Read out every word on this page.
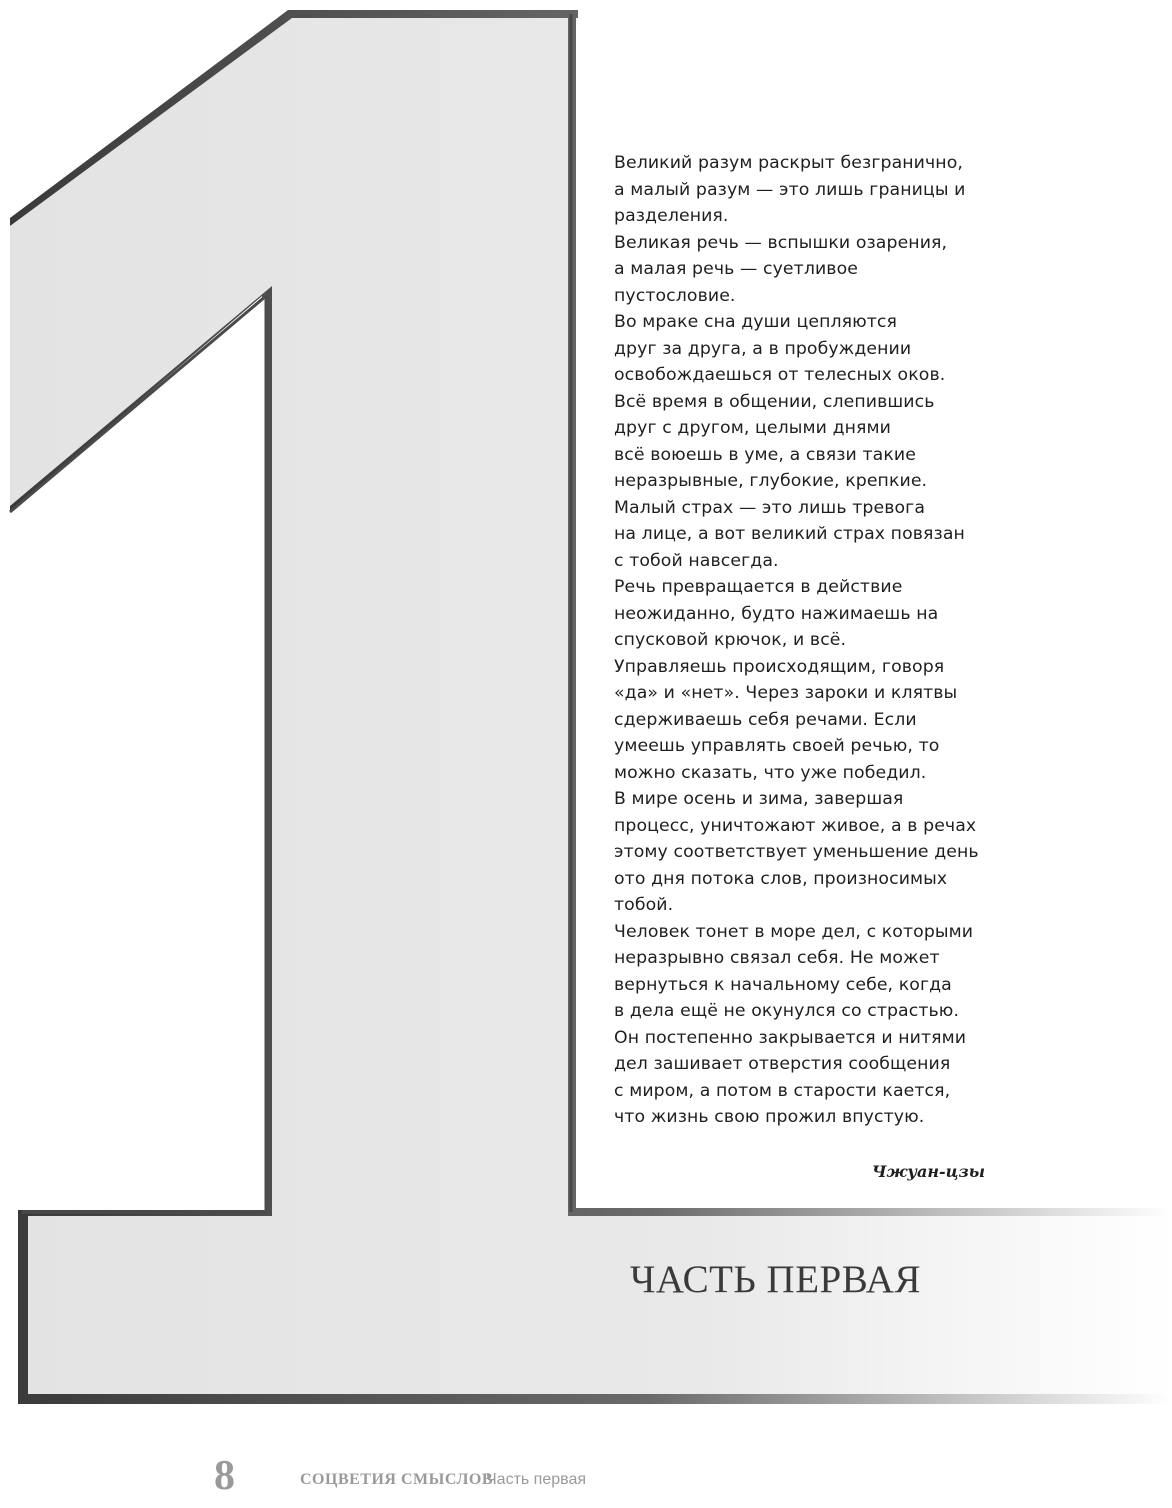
Великий разум раскрыт безгранично,
а малый разум — это лишь границы и
разделения.
Великая речь — вспышки озарения,
а малая речь — суетливое
пустословие.
Во мраке сна души цепляются
друг за друга, а в пробуждении
освобождаешься от телесных оков.
Всё время в общении, слепившись
друг с другом, целыми днями
всё воюешь в уме, а связи такие
неразрывные, глубокие, крепкие.
Малый страх — это лишь тревога
на лице, а вот великий страх повязан
с тобой навсегда.
Речь превращается в действие
неожиданно, будто нажимаешь на
спусковой крючок, и всё.
Управляешь происходящим, говоря
«да» и «нет». Через зароки и клятвы
сдерживаешь себя речами. Если
умеешь управлять своей речью, то
можно сказать, что уже победил.
В мире осень и зима, завершая
процесс, уничтожают живое, а в речах
этому соответствует уменьшение день
ото дня потока слов, произносимых
тобой.
Человек тонет в море дел, с которыми
неразрывно связал себя. Не может
вернуться к начальному себе, когда
в дела ещё не окунулся со страстью.
Он постепенно закрывается и нитями
дел зашивает отверстия сообщения
с миром, а потом в старости кается,
что жизнь свою прожил впустую.
Чжуан-цзы
ЧАСТЬ ПЕРВАЯ
8	СОЦВЕТИЯ СМЫСЛОВ
Часть первая
